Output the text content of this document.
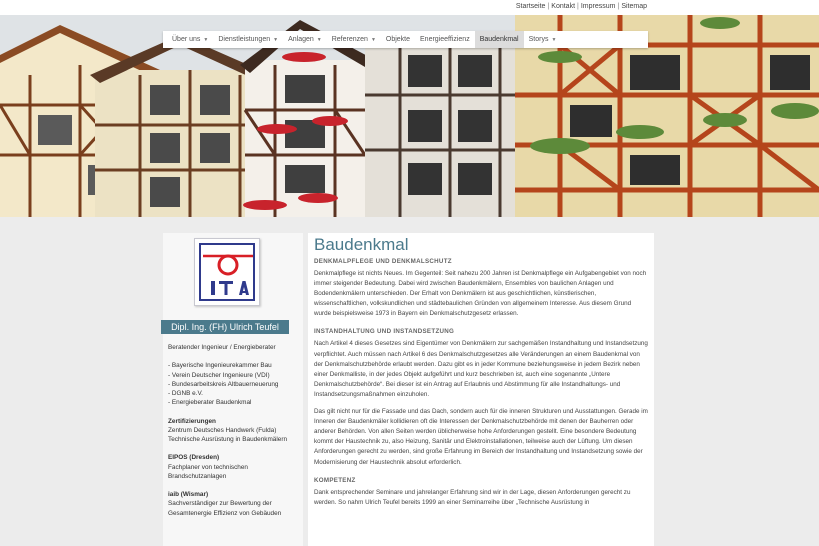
Startseite | Kontakt | Impressum | Sitemap
Über uns ▼	Dienstleistungen ▼	Anlagen ▼	Referenzen ▼	Objekte	Energieeffizienz	Baudenkmal	Storys ▼
Dipl. Ing. (FH) Ulrich Teufel
Beratender Ingenieur / Energieberater
- Bayerische Ingenieurekammer Bau
- Verein Deutscher Ingenieure (VDI)
- Bundesarbeitskreis Altbauerneuerung
- DGNB e.V.
- Energieberater Baudenkmal
Zertifizierungen
Zentrum Deutsches Handwerk (Fulda)
Technische Ausrüstung in Baudenkmälern
EIPOS (Dresden)
Fachplaner von technischen
Brandschutzanlagen
iaib (Wismar)
Sachverständiger zur Bewertung der
Gesamtenergie Effizienz von Gebäuden
Baudenkmal
DENKMALPFLEGE UND DENKMALSCHUTZ

Denkmalpflege ist nichts Neues. Im Gegenteil: Seit nahezu 200 Jahren ist Denkmalpflege ein Aufgabengebiet von noch immer steigender Bedeutung. Dabei wird zwischen Baudenkmälern, Ensembles von baulichen Anlagen und Bodendenkmälern unterschieden. Der Erhalt von Denkmälern ist aus geschichtlichen, künstlerischen, wissenschaftlichen, volkskundlichen und städtebaulichen Gründen von allgemeinem Interesse. Aus diesem Grund wurde beispielsweise 1973 in Bayern ein Denkmalschutzgesetz erlassen.

INSTANDHALTUNG UND INSTANDSETZUNG

Nach Artikel 4 dieses Gesetzes sind Eigentümer von Denkmälern zur sachgemäßen Instandhaltung und Instandsetzung verpflichtet. Auch müssen nach Artikel 6 des Denkmalschutzgesetzes alle Veränderungen an einem Baudenkmal von der Denkmalschutzbehörde erlaubt werden. Dazu gibt es in jeder Kommune beziehungsweise in jedem Bezirk neben einer Denkmalliste, in der jedes Objekt aufgeführt und kurz beschrieben ist, auch eine sogenannte „Untere Denkmalschutzbehörde“. Bei dieser ist ein Antrag auf Erlaubnis und Abstimmung für alle Instandhaltungs- und Instandsetzungsmaßnahmen einzuholen.

Das gilt nicht nur für die Fassade und das Dach, sondern auch für die inneren Strukturen und Ausstattungen. Gerade im Inneren der Baudenkmäler kollidieren oft die Interessen der Denkmalschutzbehörde mit denen der Bauherren oder anderer Behörden. Von allen Seiten werden üblicherweise hohe Anforderungen gestellt. Eine besondere Bedeutung kommt der Haustechnik zu, also Heizung, Sanitär und Elektroinstallationen, teilweise auch der Lüftung. Um diesen Anforderungen gerecht zu werden, sind große Erfahrung im Bereich der Instandhaltung und Instandsetzung sowie der Modernisierung der Haustechnik absolut erforderlich.

KOMPETENZ

Dank entsprechender Seminare und jahrelanger Erfahrung sind wir in der Lage, diesen Anforderungen gerecht zu werden. So nahm Ulrich Teufel bereits 1999 an einer Seminarreihe über „Technische Ausrüstung in
